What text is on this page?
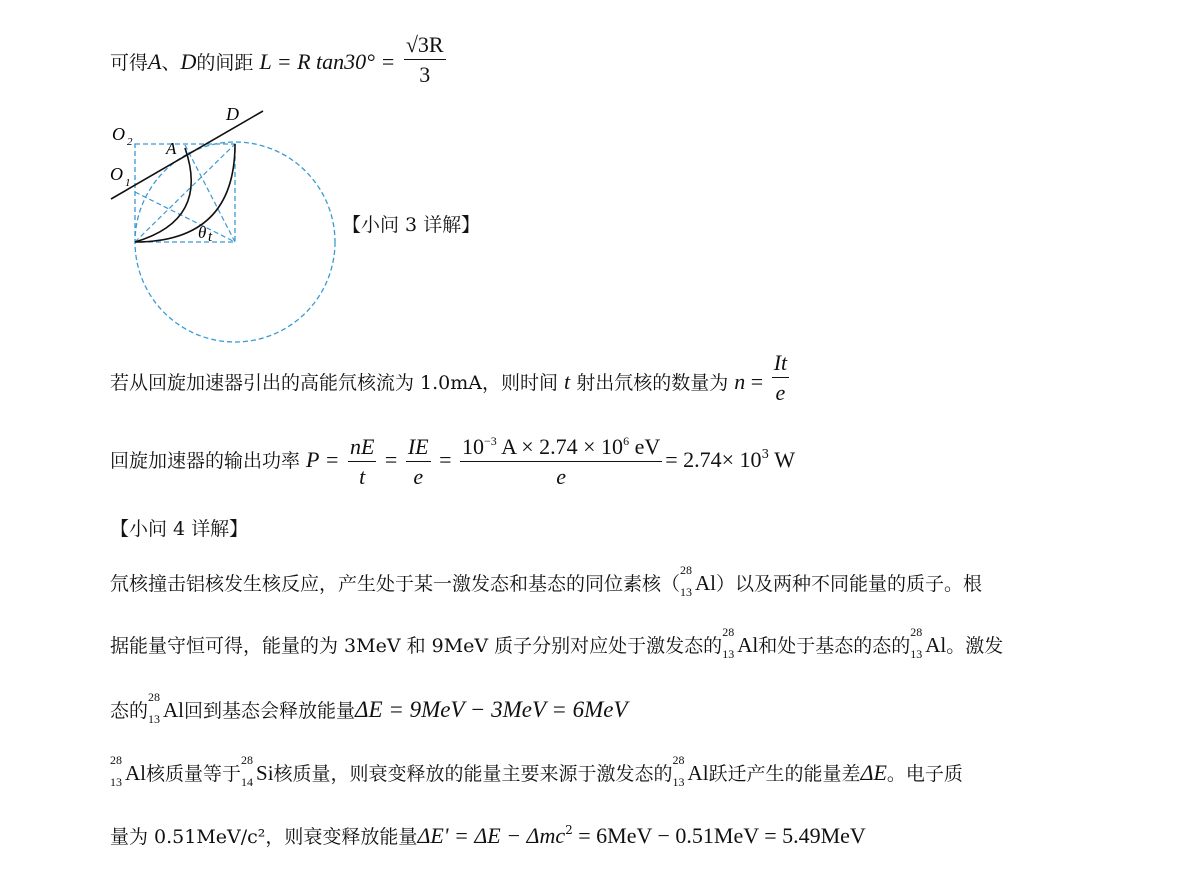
可得A、D的间距 L = R $\tan 30^\circ = \frac{√3R}{3}$
D
A
O 2
O 1
θ t
【小问 3 详解】
若从回旋加速器引出的高能氘核流为 1.0mA，则时间 t 射出氘核的数量为 $n = \frac{It}{e}$
回旋加速器的输出功率 $P = \frac{nE}{t} = \frac{IE}{e} = \frac{10^{-3} A \times 2.74 \times 10^6 eV}{e} = 2.74\times 10^3$ W
【小问 4 详解】
氘核撞击铝核发生核反应，产生处于某一激发态和基态的同位素核（
28
13 Al）以及两种不同能量的质子。根
据能量守恒可得，能量的为 3MeV 和 9MeV 质子分别对应处于激发态的
28
13 Al和处于基态的态的
28
13 Al。激发
态的
28
13 Al回到基态会释放能量ΔE = 9MeV − 3MeV = 6MeV
28
13 Al核质量等于
28
14 Si核质量，则衰变释放的能量主要来源于激发态的
28
13 Al跃迁产生的能量差ΔE。电子质
量为 0.51MeV/c²，则衰变释放能量ΔE' = ΔE − Δmc$^2$ = 6MeV − 0.51MeV = 5.49MeV
